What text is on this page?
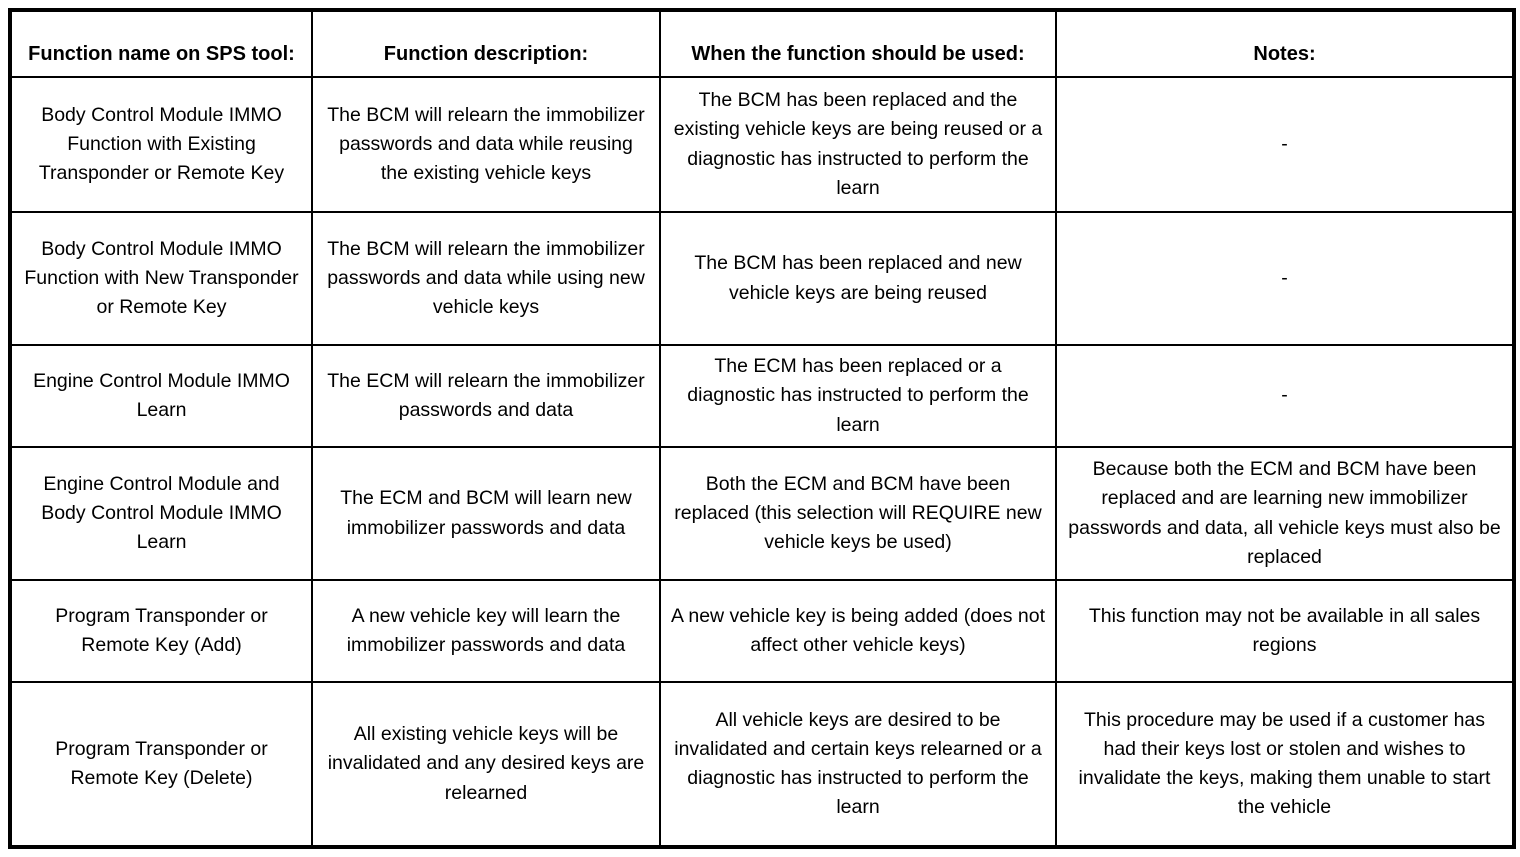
Function name on SPS tool:	Function description:	When the function should be used:	Notes:
Body Control Module IMMO Function with Existing Transponder or Remote Key	The BCM will relearn the immobilizer passwords and data while reusing the existing vehicle keys	The BCM has been replaced and the existing vehicle keys are being reused or a diagnostic has instructed to perform the learn	-
Body Control Module IMMO Function with New Transponder or Remote Key	The BCM will relearn the immobilizer passwords and data while using new vehicle keys	The BCM has been replaced and new vehicle keys are being reused	-
Engine Control Module IMMO Learn	The ECM will relearn the immobilizer passwords and data	The ECM has been replaced or a diagnostic has instructed to perform the learn	-
Engine Control Module and Body Control Module IMMO Learn	The ECM and BCM will learn new immobilizer passwords and data	Both the ECM and BCM have been replaced (this selection will REQUIRE new vehicle keys be used)	Because both the ECM and BCM have been replaced and are learning new immobilizer passwords and data, all vehicle keys must also be replaced
Program Transponder or Remote Key (Add)	A new vehicle key will learn the immobilizer passwords and data	A new vehicle key is being added (does not affect other vehicle keys)	This function may not be available in all sales regions
Program Transponder or Remote Key (Delete)	All existing vehicle keys will be invalidated and any desired keys are relearned	All vehicle keys are desired to be invalidated and certain keys relearned or a diagnostic has instructed to perform the learn	This procedure may be used if a customer has had their keys lost or stolen and wishes to invalidate the keys, making them unable to start the vehicle
